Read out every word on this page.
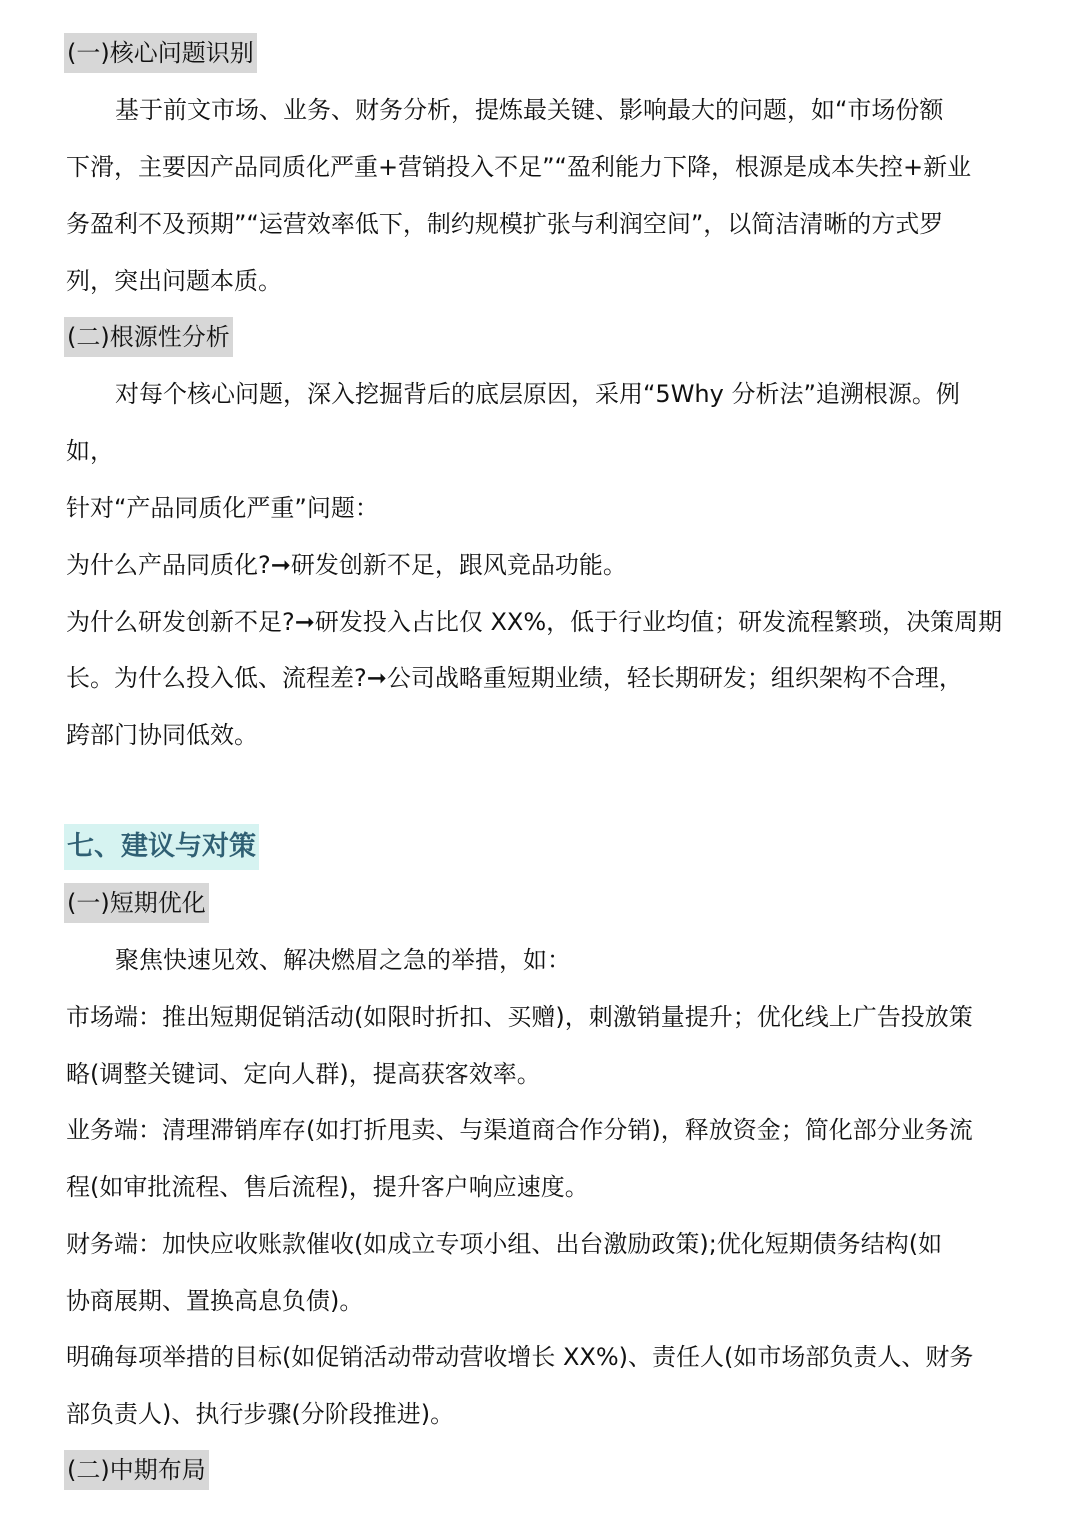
(一)核心问题识别
基于前文市场、业务、财务分析，提炼最关键、影响最大的问题，如“市场份额
下滑，主要因产品同质化严重+营销投入不足”“盈利能力下降，根源是成本失控+新业
务盈利不及预期”“运营效率低下，制约规模扩张与利润空间”，以简洁清晰的方式罗
列，突出问题本质。
(二)根源性分析
对每个核心问题，深入挖掘背后的底层原因，采用“5Why 分析法”追溯根源。例
如，
针对“产品同质化严重”问题：
为什么产品同质化?➞研发创新不足，跟风竞品功能。
为什么研发创新不足?➞研发投入占比仅 XX%，低于行业均值；研发流程繁琐，决策周期
长。为什么投入低、流程差?➞公司战略重短期业绩，轻长期研发；组织架构不合理，
跨部门协同低效。
七、建议与对策
(一)短期优化
聚焦快速见效、解决燃眉之急的举措，如：
市场端：推出短期促销活动(如限时折扣、买赠)，刺激销量提升；优化线上广告投放策
略(调整关键词、定向人群)，提高获客效率。
业务端：清理滞销库存(如打折甩卖、与渠道商合作分销)，释放资金；简化部分业务流
程(如审批流程、售后流程)，提升客户响应速度。
财务端：加快应收账款催收(如成立专项小组、出台激励政策);优化短期债务结构(如
协商展期、置换高息负债)。
明确每项举措的目标(如促销活动带动营收增长 XX%)、责任人(如市场部负责人、财务
部负责人)、执行步骤(分阶段推进)。
(二)中期布局
